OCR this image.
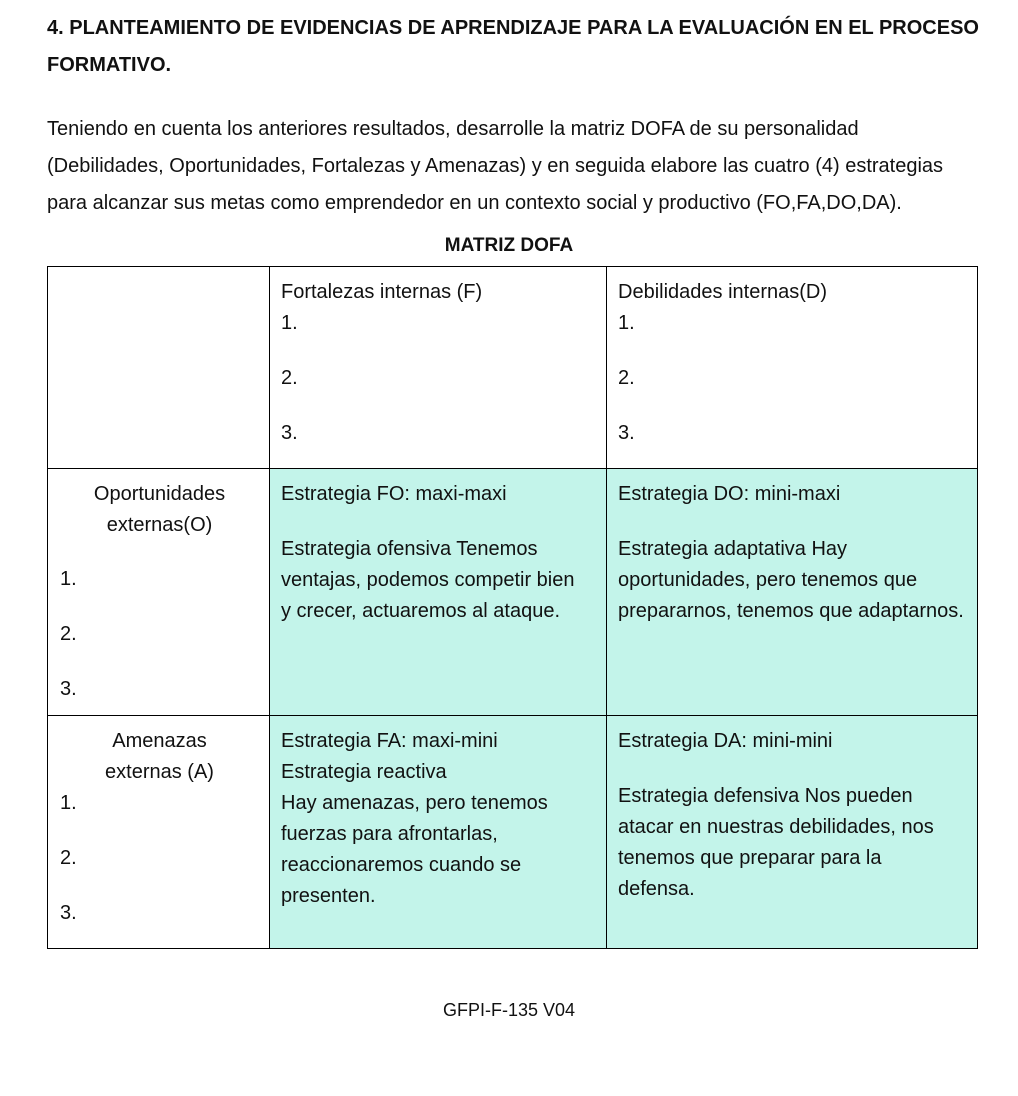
4. PLANTEAMIENTO DE EVIDENCIAS DE APRENDIZAJE PARA LA EVALUACIÓN EN EL PROCESO FORMATIVO.
Teniendo en cuenta los anteriores resultados, desarrolle la matriz DOFA de su personalidad
(Debilidades, Oportunidades, Fortalezas y Amenazas) y en seguida elabore las cuatro (4) estrategias
para alcanzar sus metas como emprendedor en un contexto social y productivo (FO,FA,DO,DA).
MATRIZ DOFA

	Fortalezas internas (F)
1.
2.
3.	Debilidades internas(D)
1.
2.
3.

Oportunidades externas(O)
1.
2.
3.	Estrategia FO: maxi-maxi
Estrategia ofensiva Tenemos ventajas, podemos competir bien y crecer, actuaremos al ataque.	Estrategia DO: mini-maxi
Estrategia adaptativa Hay oportunidades, pero tenemos que prepararnos, tenemos que adaptarnos.

Amenazas externas (A)
1.
2.
3.	Estrategia FA: maxi-mini
Estrategia reactiva
Hay amenazas, pero tenemos fuerzas para afrontarlas, reaccionaremos cuando se presenten.	Estrategia DA: mini-mini
Estrategia defensiva Nos pueden atacar en nuestras debilidades, nos tenemos que preparar para la defensa.
GFPI-F-135 V04
